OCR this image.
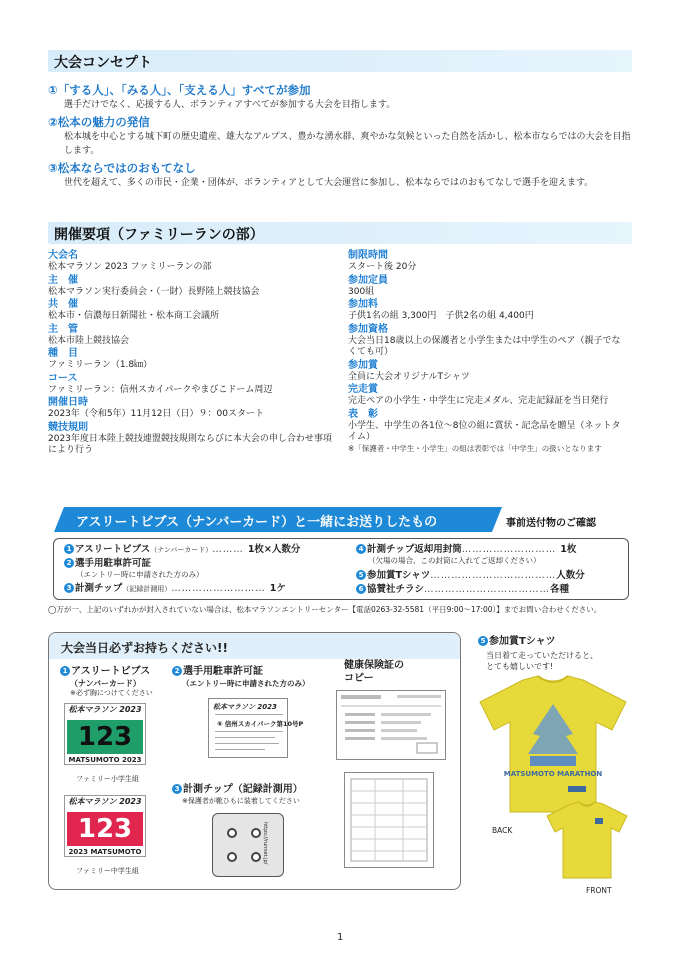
大会コンセプト
①「する人」、「みる人」、「支える人」すべてが参加
選手だけでなく、応援する人、ボランティアすべてが参加する大会を目指します。
②松本の魅力の発信
松本城を中心とする城下町の歴史遺産、雄大なアルプス、豊かな湧水群、爽やかな気候といった自然を活かし、松本市ならではの大会を目指します。
③松本ならではのおもてなし
世代を超えて、多くの市民・企業・団体が、ボランティアとして大会運営に参加し、松本ならではのおもてなしで選手を迎えます。
開催要項（ファミリーランの部）
大会名
松本マラソン 2023 ファミリーランの部
主　催
松本マラソン実行委員会・（一財）長野陸上競技協会
共　催
松本市・信濃毎日新聞社・松本商工会議所
主　管
松本市陸上競技協会
種　目
ファミリーラン（1.8㎞）
コース
ファミリーラン：信州スカイパークやまびこドーム周辺
開催日時
2023年（令和5年）11月12日（日）９：00スタート
競技規則
2023年度日本陸上競技連盟競技規則ならびに本大会の申し合わせ事項により行う
制限時間
スタート後 20分
参加定員
300組
参加料
子供1名の組 3,300円　子供2名の組 4,400円
参加資格
大会当日18歳以上の保護者と小学生または中学生のペア（親子でなくても可）
参加賞
全員に大会オリジナルTシャツ
完走賞
完走ペアの小学生・中学生に完走メダル、完走記録証を当日発行
表　彰
小学生、中学生の各1位〜8位の組に賞状・記念品を贈呈（ネットタイム）
※「保護者・中学生・小学生」の組は表彰では「中学生」の扱いとなります
アスリートビブス（ナンバーカード）と一緒にお送りしたもの	事前送付物のご確認
1 アスリートビブス（ナンバーカード）……… 1枚×人数分
2 選手用駐車許可証
（エントリー時に申請された方のみ）
3 計測チップ（記録計測用）……………………… 1ケ
4 計測チップ返却用封筒……………………… 1枚
（欠場の場合、この封筒に入れてご返却ください）
5 参加賞Tシャツ………………………………人数分
6 協賛社チラシ………………………………各種
◯万が一、上記のいずれかが封入されていない場合は、松本マラソンエントリーセンター【電話0263-32-5581（平日9:00〜17:00）】までお問い合わせください。
大会当日必ずお持ちください!!
1 アスリートビブス
（ナンバーカード）
※必ず胸につけてください
松本マラソン 2023
123
MATSUMOTO 2023
ファミリー小学生組
松本マラソン 2023
123
2023 MATSUMOTO
ファミリー中学生組
2 選手用駐車許可証
（エントリー時に申請された方のみ）
松本マラソン 2023
⑥ 信州スカイパーク第10号P
3 計測チップ（記録計測用）
※保護者が靴ひもに装着してください
https://runnet.jp/
健康保険証の
コピー
5 参加賞Tシャツ
当日着て走っていただけると、
とても嬉しいです!
MATSUMOTO MARATHON
BACK
FRONT
1
